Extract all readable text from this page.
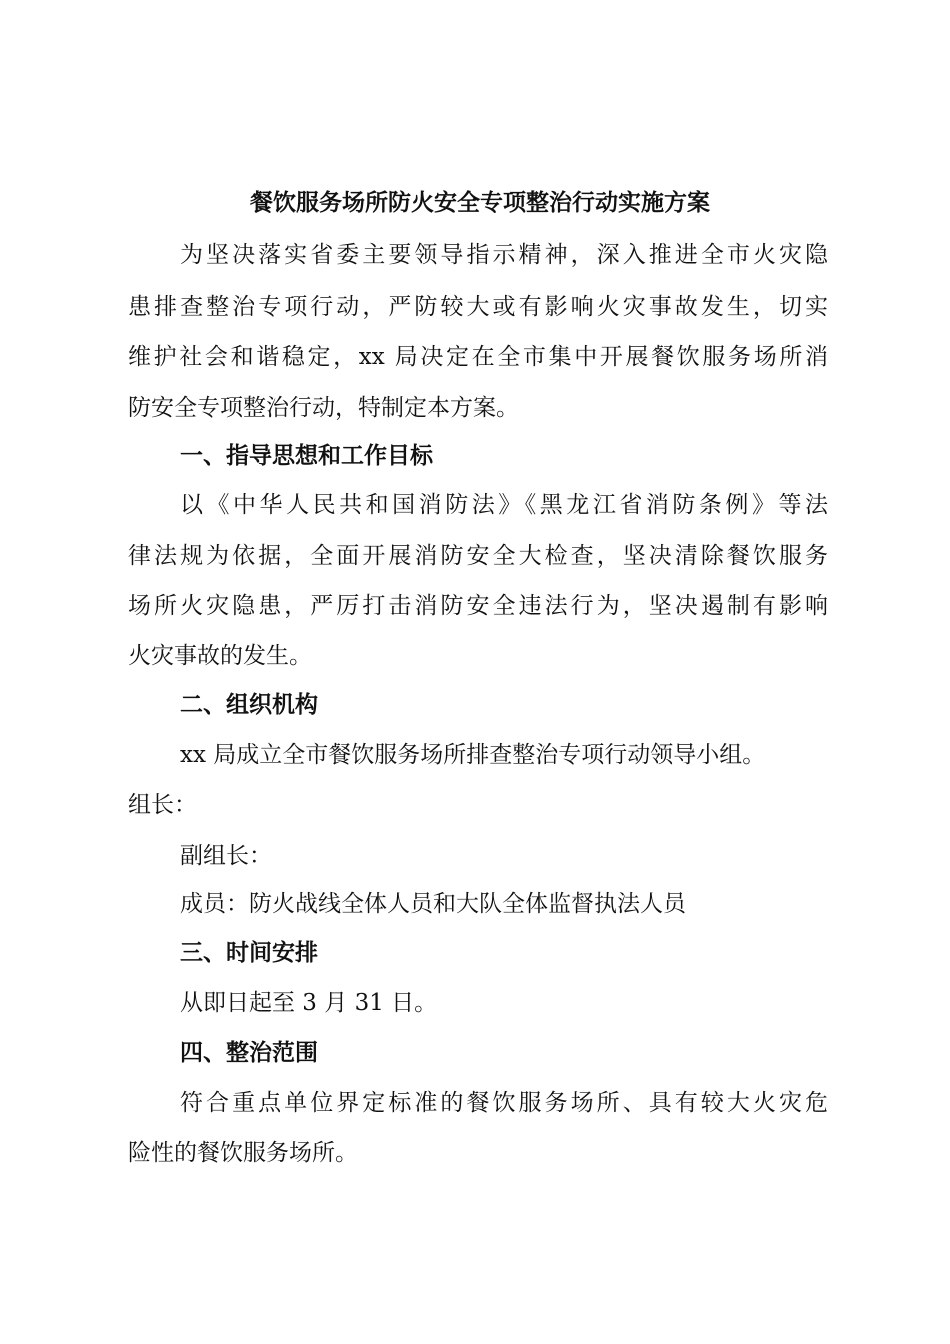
餐饮服务场所防火安全专项整治行动实施方案
为坚决落实省委主要领导指示精神，深入推进全市火灾隐
患排查整治专项行动，严防较大或有影响火灾事故发生，切实
维护社会和谐稳定，xx 局决定在全市集中开展餐饮服务场所消
防安全专项整治行动，特制定本方案。
一、指导思想和工作目标
以《中华人民共和国消防法》《黑龙江省消防条例》等法
律法规为依据，全面开展消防安全大检查，坚决清除餐饮服务
场所火灾隐患，严厉打击消防安全违法行为，坚决遏制有影响
火灾事故的发生。
二、组织机构
xx 局成立全市餐饮服务场所排查整治专项行动领导小组。
组长：
副组长：
成员：防火战线全体人员和大队全体监督执法人员
三、时间安排
从即日起至 3 月 31 日。
四、整治范围
符合重点单位界定标准的餐饮服务场所、具有较大火灾危
险性的餐饮服务场所。
